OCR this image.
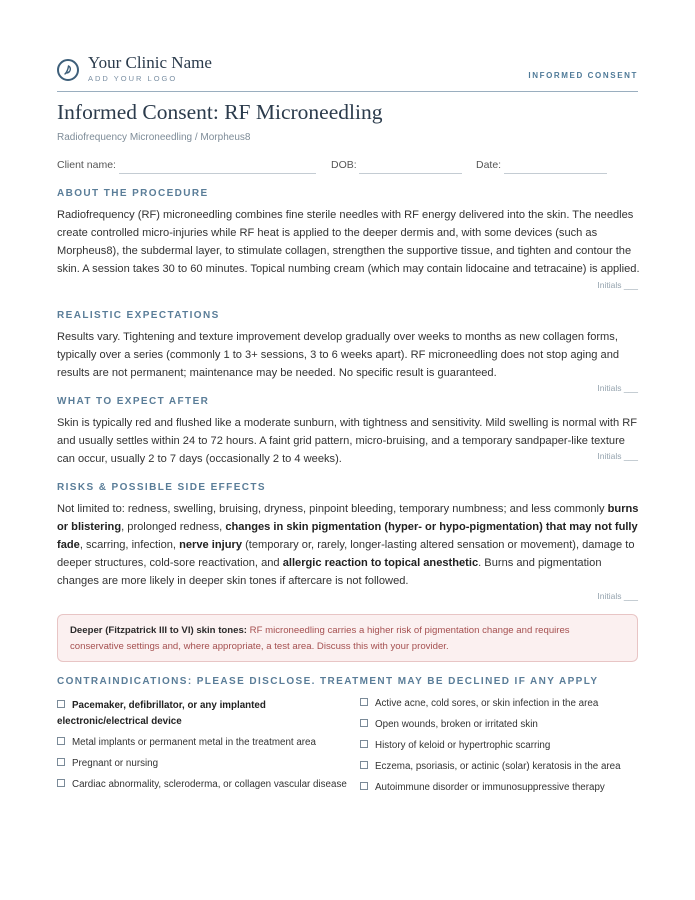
Your Clinic Name
ADD YOUR LOGO	INFORMED CONSENT
Informed Consent: RF Microneedling
Radiofrequency Microneedling / Morpheus8
Client name:	DOB:	Date:
ABOUT THE PROCEDURE
Radiofrequency (RF) microneedling combines fine sterile needles with RF energy delivered into the skin. The needles create controlled micro-injuries while RF heat is applied to the deeper dermis and, with some devices (such as Morpheus8), the subdermal layer, to stimulate collagen, strengthen the supportive tissue, and tighten and contour the skin. A session takes 30 to 60 minutes. Topical numbing cream (which may contain lidocaine and tetracaine) is applied.
Initials ___
REALISTIC EXPECTATIONS
Results vary. Tightening and texture improvement develop gradually over weeks to months as new collagen forms, typically over a series (commonly 1 to 3+ sessions, 3 to 6 weeks apart). RF microneedling does not stop aging and results are not permanent; maintenance may be needed. No specific result is guaranteed.
Initials ___
WHAT TO EXPECT AFTER
Skin is typically red and flushed like a moderate sunburn, with tightness and sensitivity. Mild swelling is normal with RF and usually settles within 24 to 72 hours. A faint grid pattern, micro-bruising, and a temporary sandpaper-like texture can occur, usually 2 to 7 days (occasionally 2 to 4 weeks).	Initials ___
RISKS & POSSIBLE SIDE EFFECTS
Not limited to: redness, swelling, bruising, dryness, pinpoint bleeding, temporary numbness; and less commonly burns or blistering, prolonged redness, changes in skin pigmentation (hyper- or hypo-pigmentation) that may not fully fade, scarring, infection, nerve injury (temporary or, rarely, longer-lasting altered sensation or movement), damage to deeper structures, cold-sore reactivation, and allergic reaction to topical anesthetic. Burns and pigmentation changes are more likely in deeper skin tones if aftercare is not followed.
Initials ___
Deeper (Fitzpatrick III to VI) skin tones: RF microneedling carries a higher risk of pigmentation change and requires conservative settings and, where appropriate, a test area. Discuss this with your provider.
CONTRAINDICATIONS: PLEASE DISCLOSE. TREATMENT MAY BE DECLINED IF ANY APPLY
Pacemaker, defibrillator, or any implanted electronic/electrical device
Metal implants or permanent metal in the treatment area
Pregnant or nursing
Cardiac abnormality, scleroderma, or collagen vascular disease
Active acne, cold sores, or skin infection in the area
Open wounds, broken or irritated skin
History of keloid or hypertrophic scarring
Eczema, psoriasis, or actinic (solar) keratosis in the area
Autoimmune disorder or immunosuppressive therapy
